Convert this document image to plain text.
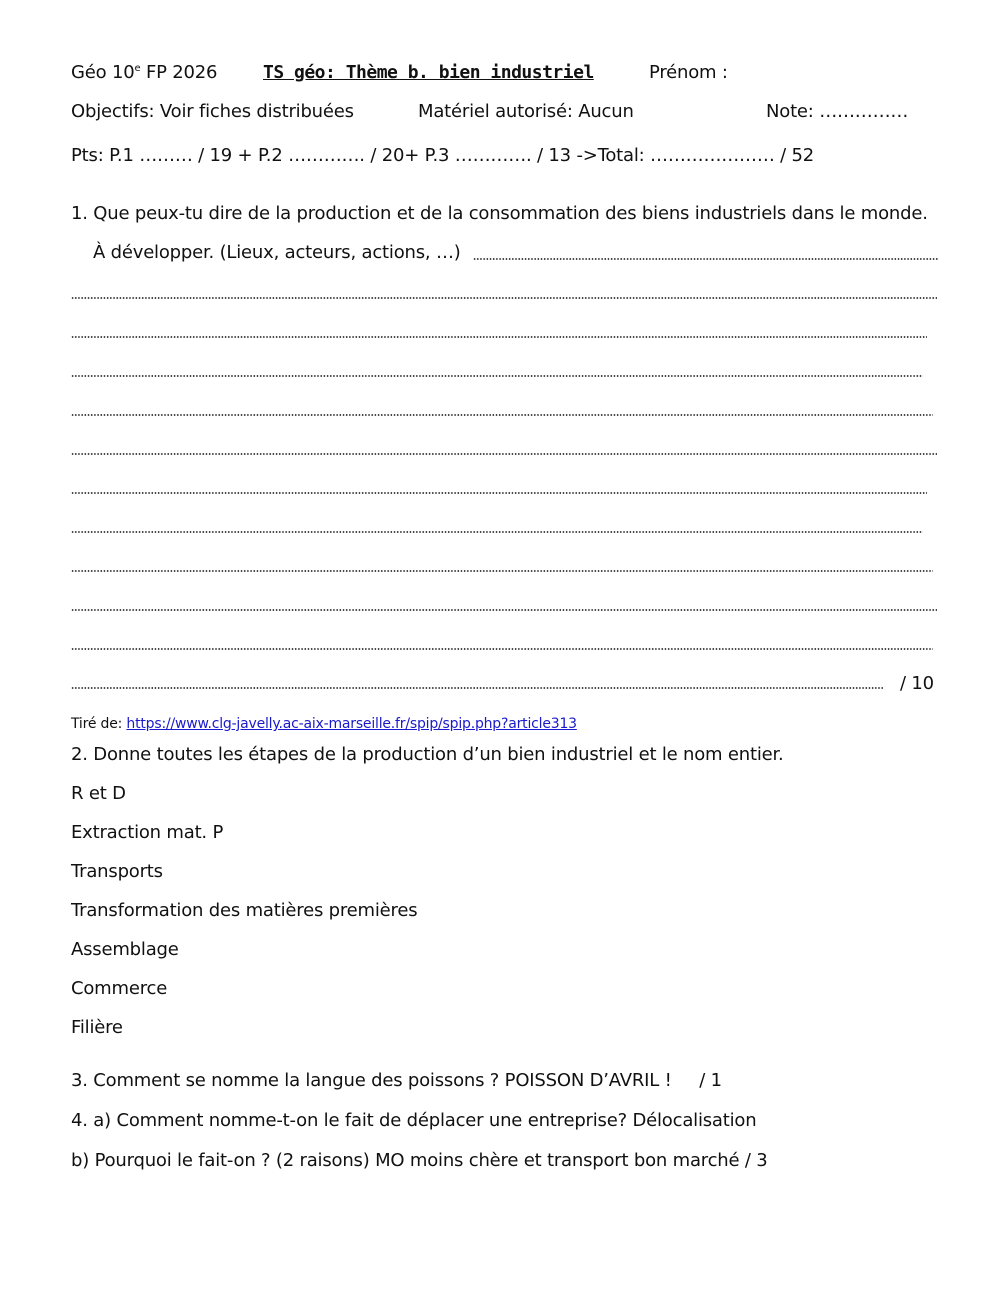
Géo 10e FP 2026	TS géo: Thème b. bien industriel	Prénom :
Objectifs: Voir fiches distribuées	Matériel autorisé: Aucun	Note: ……………
Pts: P.1 ……… / 19 + P.2 …………. / 20+ P.3 …………. / 13 ->Total: ………………… / 52
1. Que peux-tu dire de la production et de la consommation des biens industriels dans le monde.
À développer. (Lieux, acteurs, actions, …)
/ 10
Tiré de: https://www.clg-javelly.ac-aix-marseille.fr/spip/spip.php?article313
2. Donne toutes les étapes de la production d’un bien industriel et le nom entier.
R et D
Extraction mat. P
Transports
Transformation des matières premières
Assemblage
Commerce
Filière
3. Comment se nomme la langue des poissons ? POISSON D’AVRIL ! / 1
4. a) Comment nomme-t-on le fait de déplacer une entreprise? Délocalisation
b) Pourquoi le fait-on ? (2 raisons) MO moins chère et transport bon marché / 3
